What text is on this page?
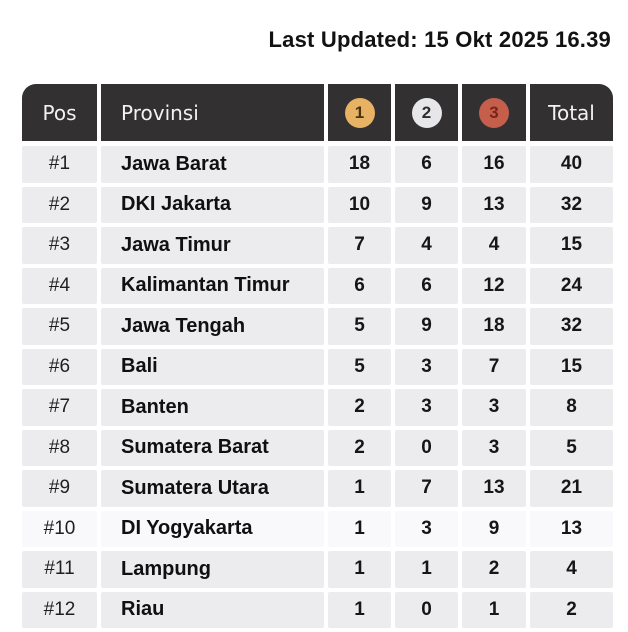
Last Updated: 15 Okt 2025 16.39
Pos	Provinsi	1	2	3	Total
#1	Jawa Barat	18	6	16	40
#2	DKI Jakarta	10	9	13	32
#3	Jawa Timur	7	4	4	15
#4	Kalimantan Timur	6	6	12	24
#5	Jawa Tengah	5	9	18	32
#6	Bali	5	3	7	15
#7	Banten	2	3	3	8
#8	Sumatera Barat	2	0	3	5
#9	Sumatera Utara	1	7	13	21
#10	DI Yogyakarta	1	3	9	13
#11	Lampung	1	1	2	4
#12	Riau	1	0	1	2
